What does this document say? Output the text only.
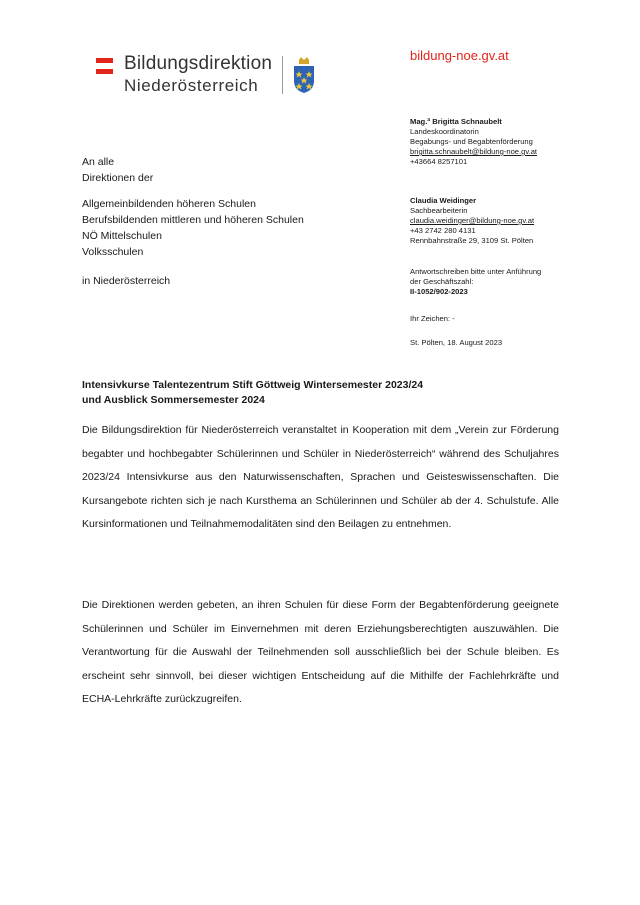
Bildungsdirektion
Niederösterreich
bildung-noe.gv.at
Mag.ª Brigitta Schnaubelt
Landeskoordinatorin
Begabungs- und Begabtenförderung
brigitta.schnaubelt@bildung-noe.gv.at
+43664 8257101
Claudia Weidinger
Sachbearbeiterin
claudia.weidinger@bildung-noe.gv.at
+43 2742 280 4131
Rennbahnstraße 29, 3109 St. Pölten
Antwortschreiben bitte unter Anführung
der Geschäftszahl:
II-1052/902-2023
Ihr Zeichen: -
St. Pölten, 18. August 2023
An alle
Direktionen der
Allgemeinbildenden höheren Schulen
Berufsbildenden mittleren und höheren Schulen
NÖ Mittelschulen
Volksschulen
in Niederösterreich
Intensivkurse Talentezentrum Stift Göttweig Wintersemester 2023/24
und Ausblick Sommersemester 2024
Die Bildungsdirektion für Niederösterreich veranstaltet in Kooperation mit dem „Verein zur Förderung begabter und hochbegabter Schülerinnen und Schüler in Niederösterreich“ während des Schuljahres 2023/24 Intensivkurse aus den Naturwissenschaften, Sprachen und Geisteswissenschaften. Die Kursangebote richten sich je nach Kursthema an Schülerinnen und Schüler ab der 4. Schulstufe. Alle Kursinformationen und Teilnahmemodalitäten sind den Beilagen zu entnehmen.
Die Direktionen werden gebeten, an ihren Schulen für diese Form der Begabtenförderung geeignete Schülerinnen und Schüler im Einvernehmen mit deren Erziehungsberechtigten auszuwählen. Die Verantwortung für die Auswahl der Teilnehmenden soll ausschließlich bei der Schule bleiben. Es erscheint sehr sinnvoll, bei dieser wichtigen Entscheidung auf die Mithilfe der Fachlehrkräfte und ECHA-Lehrkräfte zurückzugreifen.
